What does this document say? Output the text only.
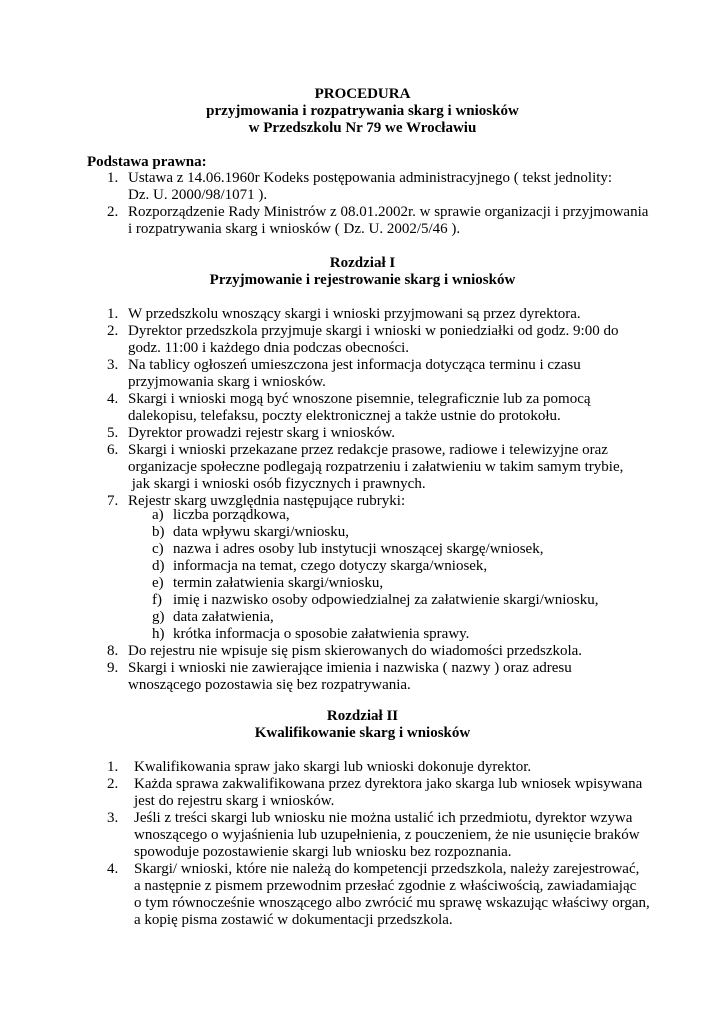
PROCEDURA
przyjmowania i rozpatrywania skarg i wniosków
w Przedszkolu Nr 79 we Wrocławiu
Podstawa prawna:
1. Ustawa z 14.06.1960r Kodeks postępowania administracyjnego ( tekst jednolity:
Dz. U. 2000/98/1071 ).
2. Rozporządzenie Rady Ministrów z 08.01.2002r. w sprawie organizacji i przyjmowania
i rozpatrywania skarg i wniosków ( Dz. U. 2002/5/46 ).
Rozdział I
Przyjmowanie i rejestrowanie skarg i wniosków
1. W przedszkolu wnoszący skargi i wnioski przyjmowani są przez dyrektora.
2. Dyrektor przedszkola przyjmuje skargi i wnioski w poniedziałki od godz. 9:00 do
godz. 11:00 i każdego dnia podczas obecności.
3. Na tablicy ogłoszeń umieszczona jest informacja dotycząca terminu i czasu
przyjmowania skarg i wniosków.
4. Skargi i wnioski mogą być wnoszone pisemnie, telegraficznie lub za pomocą
dalekopisu, telefaksu, poczty elektronicznej a także ustnie do protokołu.
5. Dyrektor prowadzi rejestr skarg i wniosków.
6. Skargi i wnioski przekazane przez redakcje prasowe, radiowe i telewizyjne oraz
organizacje społeczne podlegają rozpatrzeniu i załatwieniu w takim samym trybie,
jak skargi i wnioski osób fizycznych i prawnych.
7. Rejestr skarg uwzględnia następujące rubryki:
a) liczba porządkowa,
b) data wpływu skargi/wniosku,
c) nazwa i adres osoby lub instytucji wnoszącej skargę/wniosek,
d) informacja na temat, czego dotyczy skarga/wniosek,
e) termin załatwienia skargi/wniosku,
f) imię i nazwisko osoby odpowiedzialnej za załatwienie skargi/wniosku,
g) data załatwienia,
h) krótka informacja o sposobie załatwienia sprawy.
8. Do rejestru nie wpisuje się pism skierowanych do wiadomości przedszkola.
9. Skargi i wnioski nie zawierające imienia i nazwiska ( nazwy ) oraz adresu
wnoszącego pozostawia się bez rozpatrywania.
Rozdział II
Kwalifikowanie skarg i wniosków
1. Kwalifikowania spraw jako skargi lub wnioski dokonuje dyrektor.
2. Każda sprawa zakwalifikowana przez dyrektora jako skarga lub wniosek wpisywana
jest do rejestru skarg i wniosków.
3. Jeśli z treści skargi lub wniosku nie można ustalić ich przedmiotu, dyrektor wzywa
wnoszącego o wyjaśnienia lub uzupełnienia, z pouczeniem, że nie usunięcie braków
spowoduje pozostawienie skargi lub wniosku bez rozpoznania.
4. Skargi/ wnioski, które nie należą do kompetencji przedszkola, należy zarejestrować,
a następnie z pismem przewodnim przesłać zgodnie z właściwością, zawiadamiając
o tym równocześnie wnoszącego albo zwrócić mu sprawę wskazując właściwy organ,
a kopię pisma zostawić w dokumentacji przedszkola.
